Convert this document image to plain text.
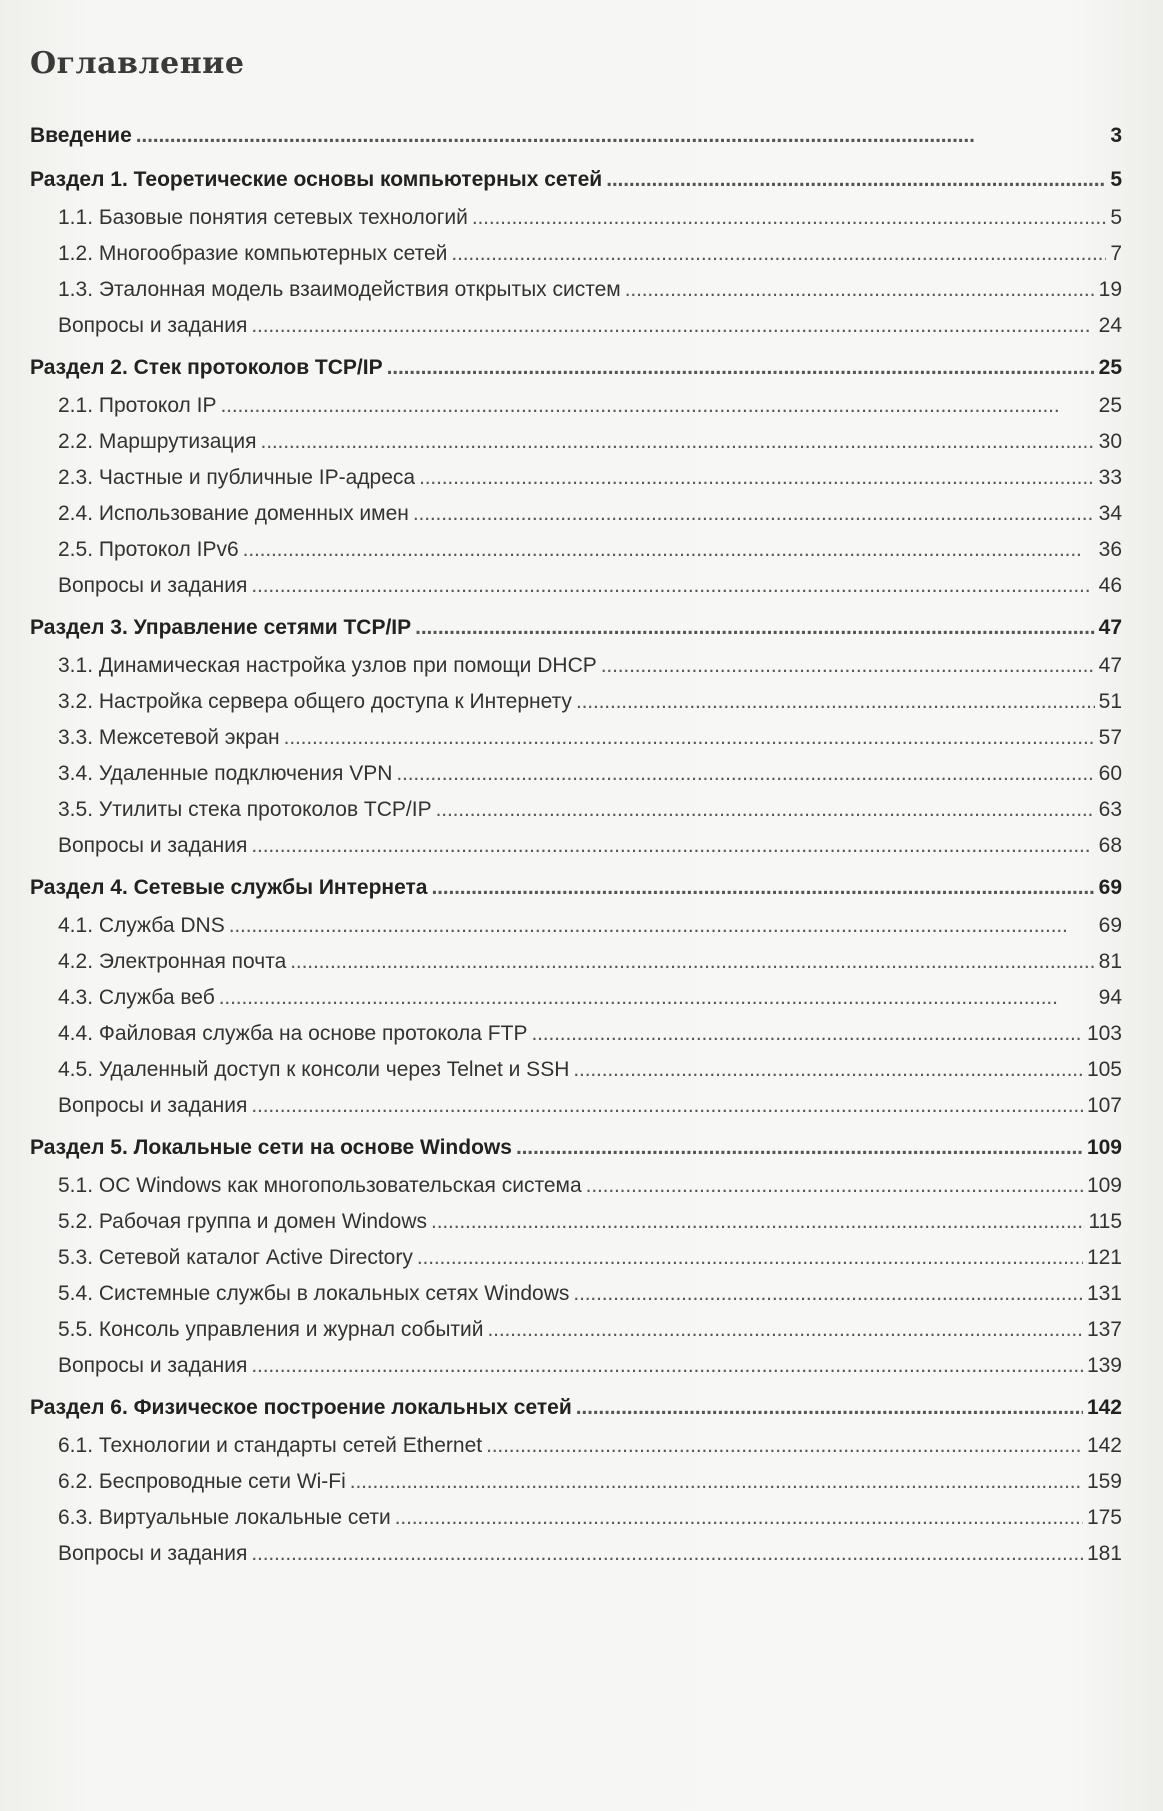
Оглавление
Введение . . .	3
Раздел 1. Теоретические основы компьютерных сетей . . .	5
1.1. Базовые понятия сетевых технологий . . .	5
1.2. Многообразие компьютерных сетей . . .	7
1.3. Эталонная модель взаимодействия открытых систем . . .	19
Вопросы и задания . . .	24
Раздел 2. Стек протоколов TCP/IP . . .	25
2.1. Протокол IP . . .	25
2.2. Маршрутизация . . .	30
2.3. Частные и публичные IP-адреса . . .	33
2.4. Использование доменных имен . . .	34
2.5. Протокол IPv6 . . .	36
Вопросы и задания . . .	46
Раздел 3. Управление сетями TCP/IP . . .	47
3.1. Динамическая настройка узлов при помощи DHCP . . .	47
3.2. Настройка сервера общего доступа к Интернету . . .	51
3.3. Межсетевой экран . . .	57
3.4. Удаленные подключения VPN . . .	60
3.5. Утилиты стека протоколов TCP/IP . . .	63
Вопросы и задания . . .	68
Раздел 4. Сетевые службы Интернета . . .	69
4.1. Служба DNS . . .	69
4.2. Электронная почта . . .	81
4.3. Служба веб . . .	94
4.4. Файловая служба на основе протокола FTP . . .	103
4.5. Удаленный доступ к консоли через Telnet и SSH . . .	105
Вопросы и задания . . .	107
Раздел 5. Локальные сети на основе Windows . . .	109
5.1. ОС Windows как многопользовательская система . . .	109
5.2. Рабочая группа и домен Windows . . .	115
5.3. Сетевой каталог Active Directory . . .	121
5.4. Системные службы в локальных сетях Windows . . .	131
5.5. Консоль управления и журнал событий . . .	137
Вопросы и задания . . .	139
Раздел 6. Физическое построение локальных сетей . . .	142
6.1. Технологии и стандарты сетей Ethernet . . .	142
6.2. Беспроводные сети Wi-Fi . . .	159
6.3. Виртуальные локальные сети . . .	175
Вопросы и задания . . .	181
